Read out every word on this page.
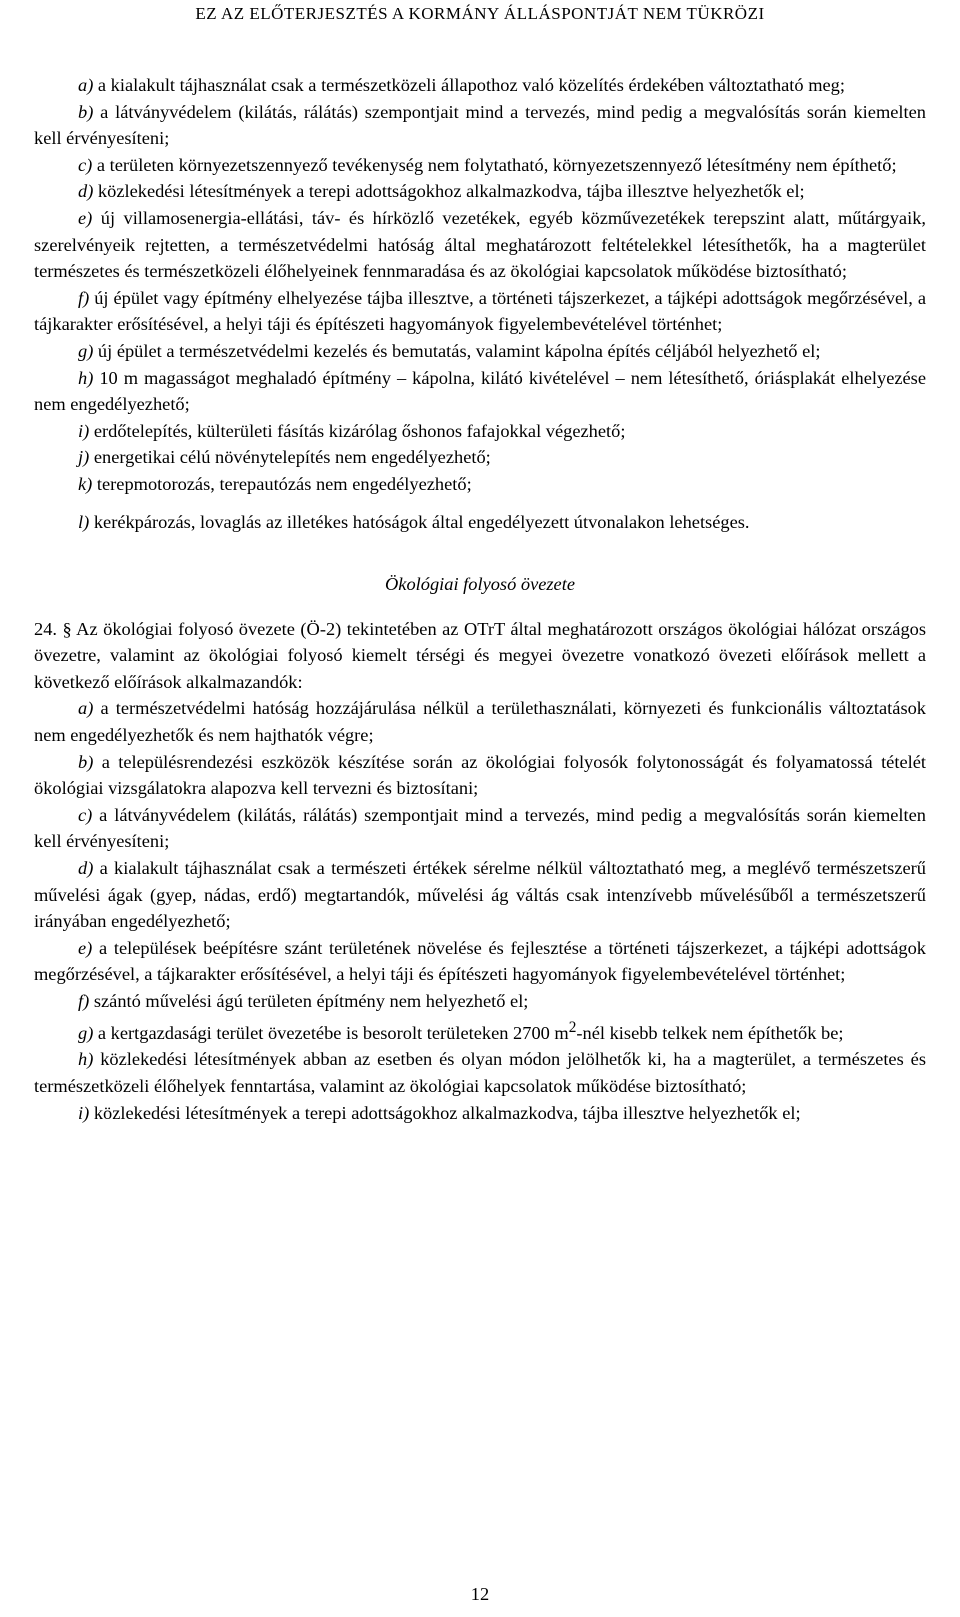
EZ AZ ELŐTERJESZTÉS A KORMÁNY ÁLLÁSPONTJÁT NEM TÜKRÖZI

a) a kialakult tájhasználat csak a természetközeli állapothoz való közelítés érdekében változtatható meg;

b) a látványvédelem (kilátás, rálátás) szempontjait mind a tervezés, mind pedig a megvalósítás során kiemelten kell érvényesíteni;

c) a területen környezetszennyező tevékenység nem folytatható, környezetszennyező létesítmény nem építhető;

d) közlekedési létesítmények a terepi adottságokhoz alkalmazkodva, tájba illesztve helyezhetők el;

e) új villamosenergia-ellátási, táv- és hírközlő vezetékek, egyéb közművezetékek terepszint alatt, műtárgyaik, szerelvényeik rejtetten, a természetvédelmi hatóság által meghatározott feltételekkel létesíthetők, ha a magterület természetes és természetközeli élőhelyeinek fennmaradása és az ökológiai kapcsolatok működése biztosítható;

f) új épület vagy építmény elhelyezése tájba illesztve, a történeti tájszerkezet, a tájképi adottságok megőrzésével, a tájkarakter erősítésével, a helyi táji és építészeti hagyományok figyelembevételével történhet;

g) új épület a természetvédelmi kezelés és bemutatás, valamint kápolna építés céljából helyezhető el;

h) 10 m magasságot meghaladó építmény – kápolna, kilátó kivételével – nem létesíthető, óriásplakát elhelyezése nem engedélyezhető;

i) erdőtelepítés, külterületi fásítás kizárólag őshonos fafajokkal végezhető;

j) energetikai célú növénytelepítés nem engedélyezhető;

k) terepmotorozás, terepautózás nem engedélyezhető;

l) kerékpározás, lovaglás az illetékes hatóságok által engedélyezett útvonalakon lehetséges.

Ökológiai folyosó övezete

24. § Az ökológiai folyosó övezete (Ö-2) tekintetében az OTrT által meghatározott országos ökológiai hálózat országos övezetre, valamint az ökológiai folyosó kiemelt térségi és megyei övezetre vonatkozó övezeti előírások mellett a következő előírások alkalmazandók:

a) a természetvédelmi hatóság hozzájárulása nélkül a területhasználati, környezeti és funkcionális változtatások nem engedélyezhetők és nem hajthatók végre;

b) a településrendezési eszközök készítése során az ökológiai folyosók folytonosságát és folyamatossá tételét ökológiai vizsgálatokra alapozva kell tervezni és biztosítani;

c) a látványvédelem (kilátás, rálátás) szempontjait mind a tervezés, mind pedig a megvalósítás során kiemelten kell érvényesíteni;

d) a kialakult tájhasználat csak a természeti értékek sérelme nélkül változtatható meg, a meglévő természetszerű művelési ágak (gyep, nádas, erdő) megtartandók, művelési ág váltás csak intenzívebb művelésűből a természetszerű irányában engedélyezhető;

e) a települések beépítésre szánt területének növelése és fejlesztése a történeti tájszerkezet, a tájképi adottságok megőrzésével, a tájkarakter erősítésével, a helyi táji és építészeti hagyományok figyelembevételével történhet;

f) szántó művelési ágú területen építmény nem helyezhető el;

g) a kertgazdasági terület övezetébe is besorolt területeken 2700 $m^2$-nél kisebb telkek nem építhetők be;

h) közlekedési létesítmények abban az esetben és olyan módon jelölhetők ki, ha a magterület, a természetes és természetközeli élőhelyek fenntartása, valamint az ökológiai kapcsolatok működése biztosítható;

i) közlekedési létesítmények a terepi adottságokhoz alkalmazkodva, tájba illesztve helyezhetők el;

12
